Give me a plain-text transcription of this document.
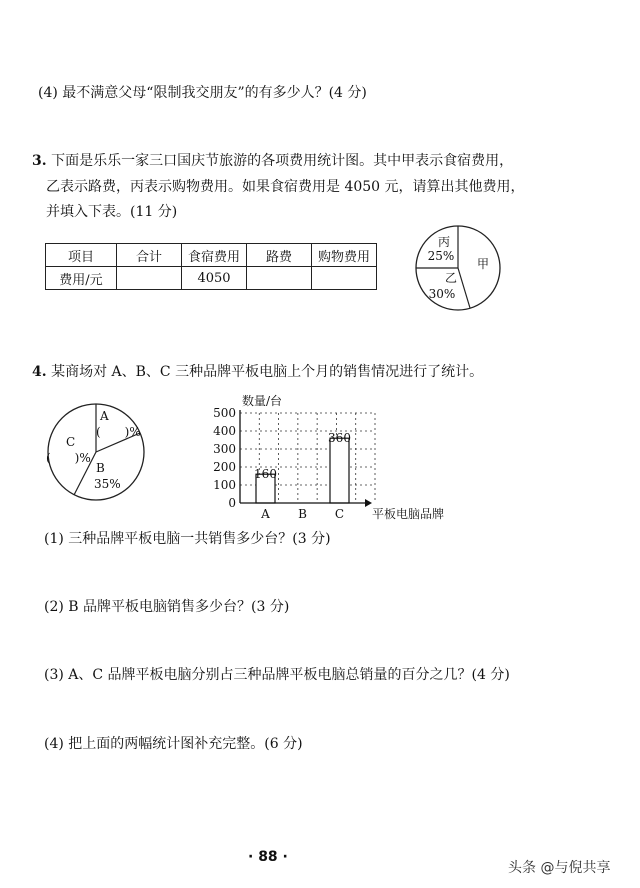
(4) 最不满意父母“限制我交朋友”的有多少人？(4 分)
3. 下面是乐乐一家三口国庆节旅游的各项费用统计图。其中甲表示食宿费用，
乙表示路费，丙表示购物费用。如果食宿费用是 4050 元，请算出其他费用，
并填入下表。(11 分)
项目	合计	食宿费用	路费	购物费用
费用/元		4050		
丙
25%
甲
乙
30%
4. 某商场对 A、B、C 三种品牌平板电脑上个月的销售情况进行了统计。
A
(　　)%
C
(　　)%
B
35%
160
360
数量/台
平板电脑品牌
0
100
200
300
400
500
A B C
(1) 三种品牌平板电脑一共销售多少台？(3 分)
(2) B 品牌平板电脑销售多少台？(3 分)
(3) A、C 品牌平板电脑分别占三种品牌平板电脑总销量的百分之几？(4 分)
(4) 把上面的两幅统计图补充完整。(6 分)
· 88 ·
头条 @与倪共享
